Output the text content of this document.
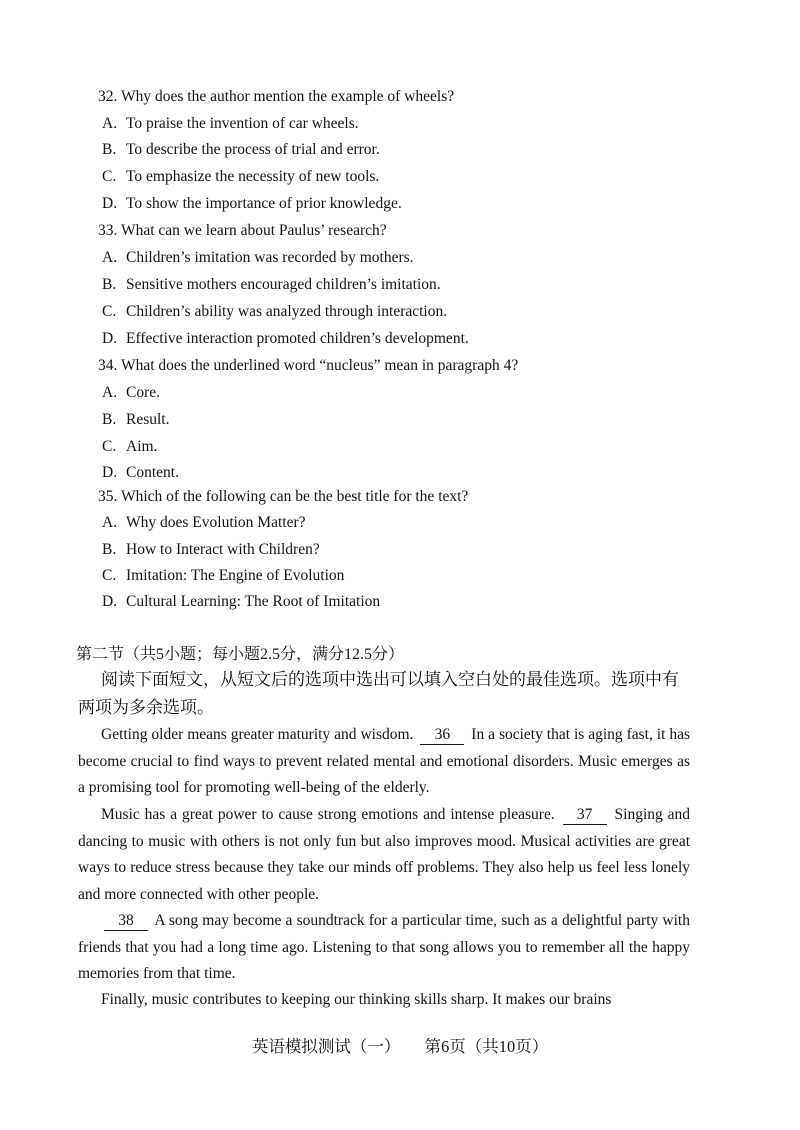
32. Why does the author mention the example of wheels?
A. To praise the invention of car wheels.
B. To describe the process of trial and error.
C. To emphasize the necessity of new tools.
D. To show the importance of prior knowledge.
33. What can we learn about Paulus’ research?
A. Children’s imitation was recorded by mothers.
B. Sensitive mothers encouraged children’s imitation.
C. Children’s ability was analyzed through interaction.
D. Effective interaction promoted children’s development.
34. What does the underlined word “nucleus” mean in paragraph 4?
A. Core.
B. Result.
C. Aim.
D. Content.
35. Which of the following can be the best title for the text?
A. Why does Evolution Matter?
B. How to Interact with Children?
C. Imitation: The Engine of Evolution
D. Cultural Learning: The Root of Imitation
第二节（共5小题；每小题2.5分，满分12.5分）
阅读下面短文，从短文后的选项中选出可以填入空白处的最佳选项。选项中有两项为多余选项。
Getting older means greater maturity and wisdom. 36 In a society that is aging fast, it has become crucial to find ways to prevent related mental and emotional disorders. Music emerges as a promising tool for promoting well-being of the elderly.
Music has a great power to cause strong emotions and intense pleasure. 37 Singing and dancing to music with others is not only fun but also improves mood. Musical activities are great ways to reduce stress because they take our minds off problems. They also help us feel less lonely and more connected with other people.
38 A song may become a soundtrack for a particular time, such as a delightful party with friends that you had a long time ago. Listening to that song allows you to remember all the happy memories from that time.
Finally, music contributes to keeping our thinking skills sharp. It makes our brains
英语模拟测试（一） 第6页（共10页）
